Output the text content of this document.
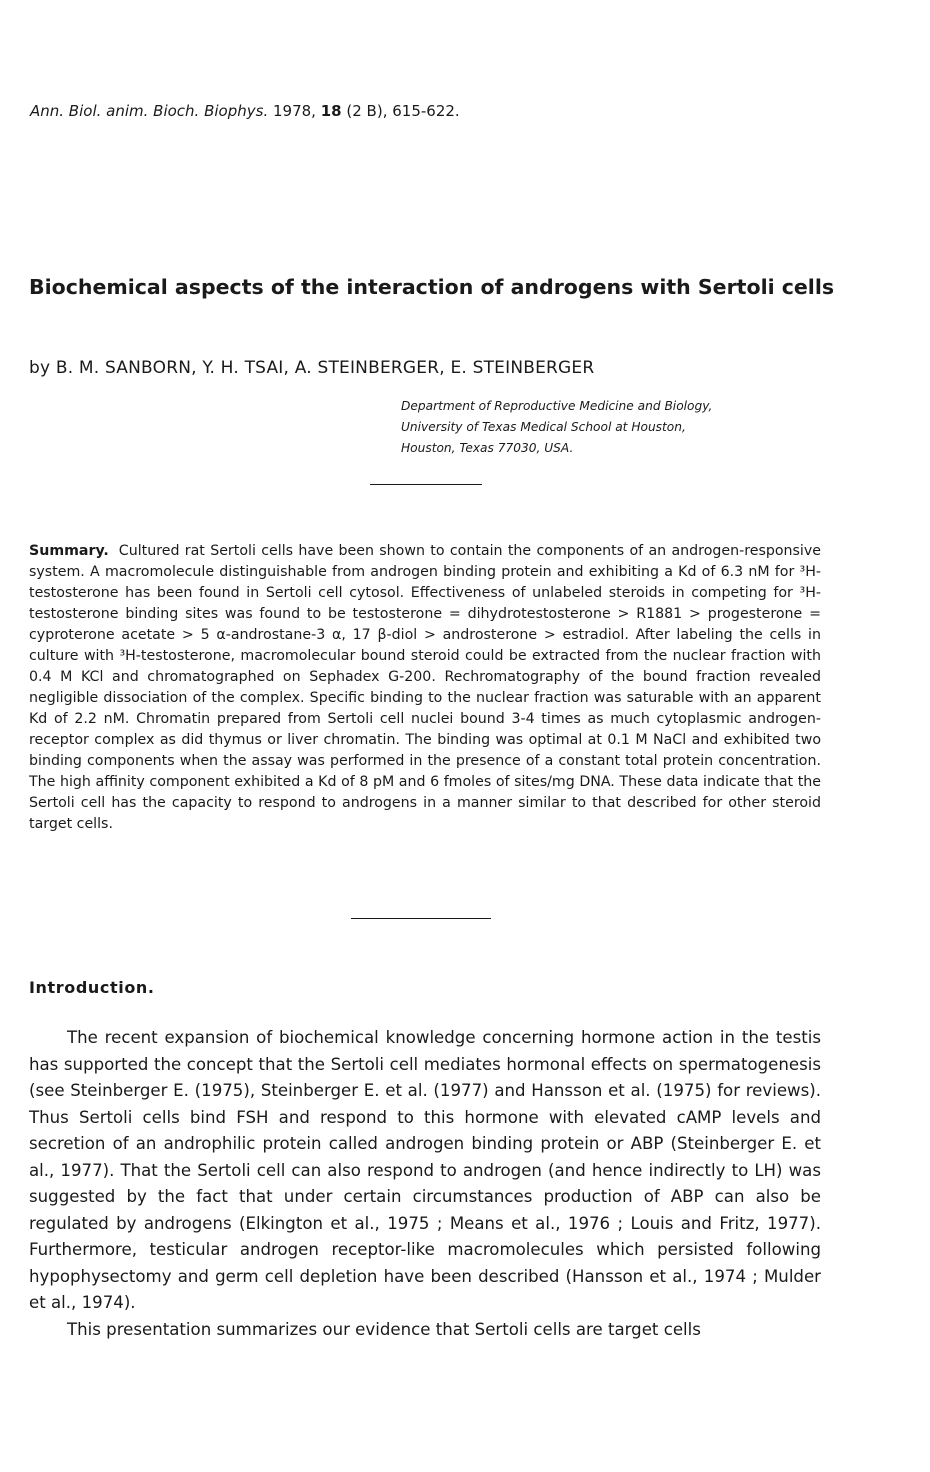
Ann. Biol. anim. Bioch. Biophys. 1978, 18 (2 B), 615-622.
Biochemical aspects of the interaction of androgens with Sertoli cells

by B. M. SANBORN, Y. H. TSAI, A. STEINBERGER, E. STEINBERGER

Department of Reproductive Medicine and Biology,
University of Texas Medical School at Houston,
Houston, Texas 77030, USA.

Summary. Cultured rat Sertoli cells have been shown to contain the components of an androgen-responsive system. A macromolecule distinguishable from androgen binding protein and exhibiting a Kd of 6.3 nM for ³H-testosterone has been found in Sertoli cell cytosol. Effectiveness of unlabeled steroids in competing for ³H-testosterone binding sites was found to be testosterone = dihydrotestosterone > R1881 > progesterone = cyproterone acetate > 5 α-androstane-3 α, 17 β-diol > androsterone > estradiol. After labeling the cells in culture with ³H-testosterone, macromolecular bound steroid could be extracted from the nuclear fraction with 0.4 M KCl and chromatographed on Sephadex G-200. Rechromatography of the bound fraction revealed negligible dissociation of the complex. Specific binding to the nuclear fraction was saturable with an apparent Kd of 2.2 nM. Chromatin prepared from Sertoli cell nuclei bound 3-4 times as much cytoplasmic androgen-receptor complex as did thymus or liver chromatin. The binding was optimal at 0.1 M NaCl and exhibited two binding components when the assay was performed in the presence of a constant total protein concentration. The high affinity component exhibited a Kd of 8 pM and 6 fmoles of sites/mg DNA. These data indicate that the Sertoli cell has the capacity to respond to androgens in a manner similar to that described for other steroid target cells.

Introduction.

The recent expansion of biochemical knowledge concerning hormone action in the testis has supported the concept that the Sertoli cell mediates hormonal effects on spermatogenesis (see Steinberger E. (1975), Steinberger E. et al. (1977) and Hansson et al. (1975) for reviews). Thus Sertoli cells bind FSH and respond to this hormone with elevated cAMP levels and secretion of an androphilic protein called androgen binding protein or ABP (Steinberger E. et al., 1977). That the Sertoli cell can also respond to androgen (and hence indirectly to LH) was suggested by the fact that under certain circumstances production of ABP can also be regulated by androgens (Elkington et al., 1975 ; Means et al., 1976 ; Louis and Fritz, 1977). Furthermore, testicular androgen receptor-like macromolecules which persisted following hypophysectomy and germ cell depletion have been described (Hansson et al., 1974 ; Mulder et al., 1974).

This presentation summarizes our evidence that Sertoli cells are target cells
